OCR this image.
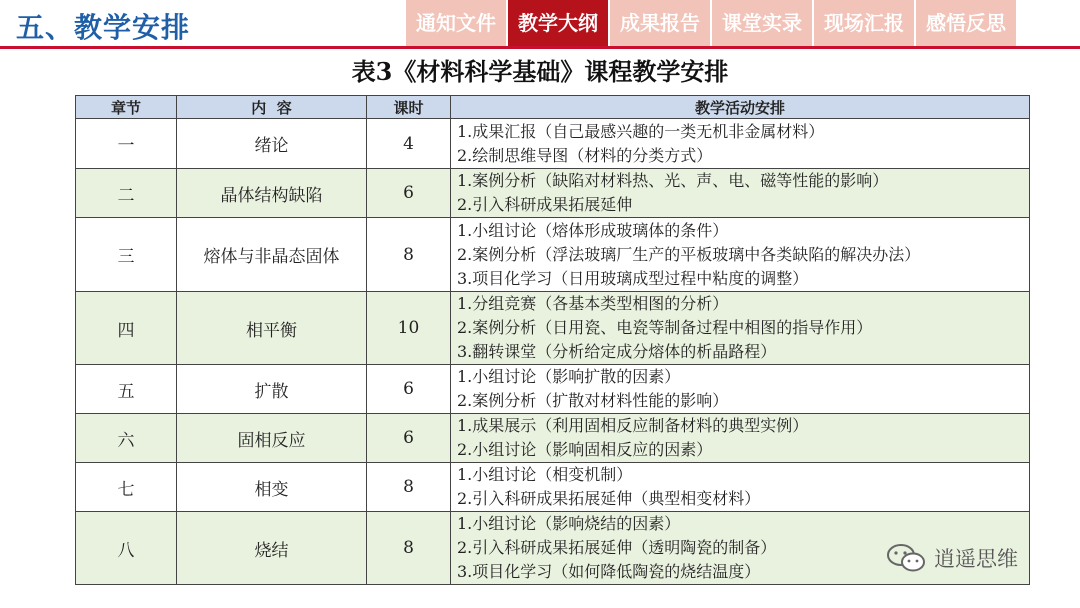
五、教学安排	通知文件	教学大纲	成果报告	课堂实录	现场汇报	感悟反思
表3《材料科学基础》课程教学安排
章节	内  容	课时	教学活动安排
一	绪论	4	1.成果汇报（自己最感兴趣的一类无机非金属材料）
2.绘制思维导图（材料的分类方式）

二	晶体结构缺陷	6	1.案例分析（缺陷对材料热、光、声、电、磁等性能的影响）
2.引入科研成果拓展延伸

三	熔体与非晶态固体	8	1.小组讨论（熔体形成玻璃体的条件）
2.案例分析（浮法玻璃厂生产的平板玻璃中各类缺陷的解决办法）
3.项目化学习（日用玻璃成型过程中粘度的调整）

四	相平衡	10	1.分组竞赛（各基本类型相图的分析）
2.案例分析（日用瓷、电瓷等制备过程中相图的指导作用）
3.翻转课堂（分析给定成分熔体的析晶路程）

五	扩散	6	1.小组讨论（影响扩散的因素）
2.案例分析（扩散对材料性能的影响）

六	固相反应	6	1.成果展示（利用固相反应制备材料的典型实例）
2.小组讨论（影响固相反应的因素）

七	相变	8	1.小组讨论（相变机制）
2.引入科研成果拓展延伸（典型相变材料）

八	烧结	8	1.小组讨论（影响烧结的因素）
2.引入科研成果拓展延伸（透明陶瓷的制备）
3.项目化学习（如何降低陶瓷的烧结温度）
逍遥思维
